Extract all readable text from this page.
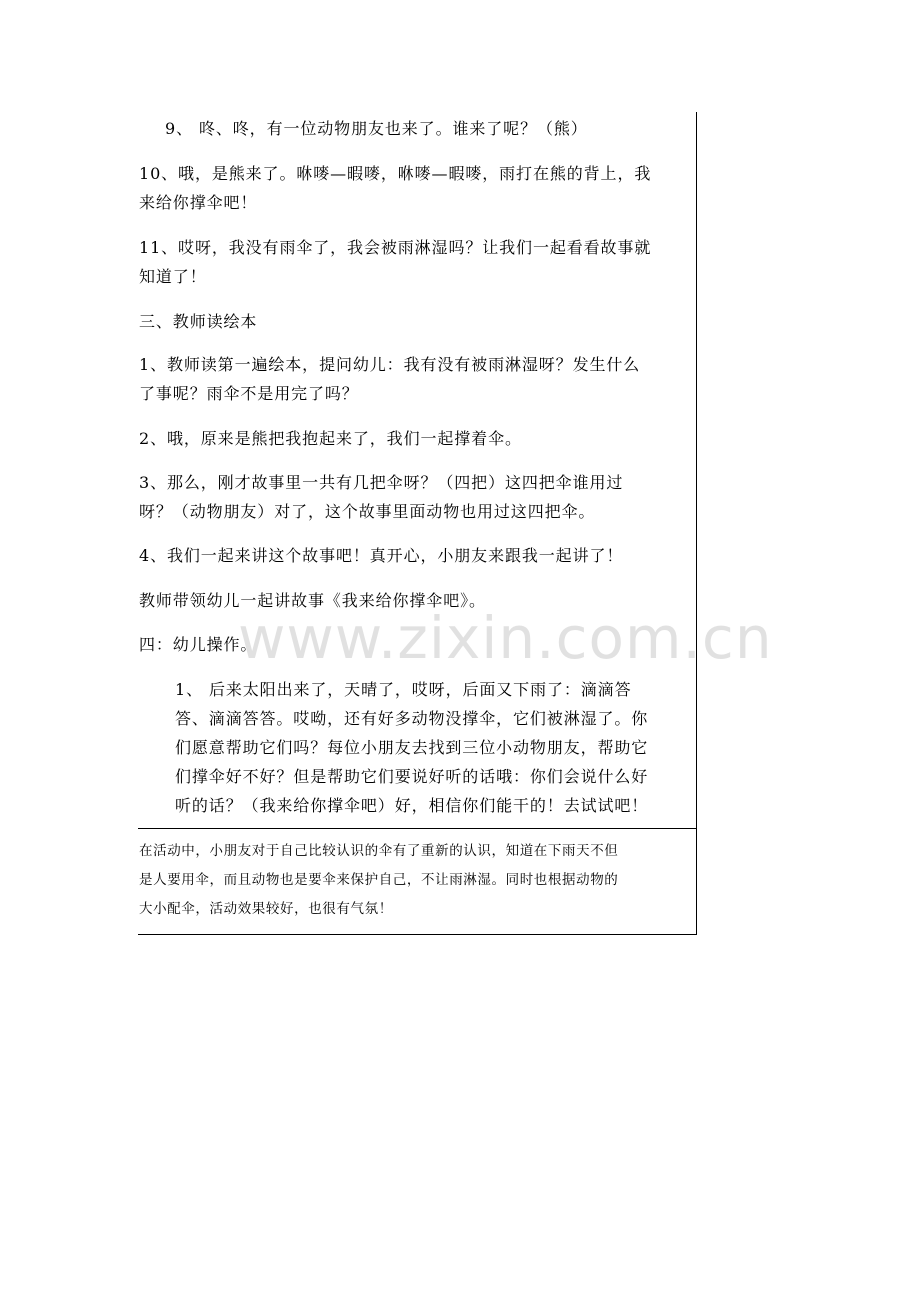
9、 咚、咚，有一位动物朋友也来了。谁来了呢？（熊）
10、哦，是熊来了。咻嘜—暇嘜，咻嘜—暇嘜，雨打在熊的背上，我
来给你撑伞吧！
11、哎呀，我没有雨伞了，我会被雨淋湿吗？让我们一起看看故事就
知道了！
三、教师读绘本
1、教师读第一遍绘本，提问幼儿：我有没有被雨淋湿呀？发生什么
了事呢？雨伞不是用完了吗？
2、哦，原来是熊把我抱起来了，我们一起撑着伞。
3、那么，刚才故事里一共有几把伞呀？（四把）这四把伞谁用过
呀？（动物朋友）对了，这个故事里面动物也用过这四把伞。
4、我们一起来讲这个故事吧！真开心，小朋友来跟我一起讲了！
教师带领幼儿一起讲故事《我来给你撑伞吧》。
四：幼儿操作。
1、 后来太阳出来了，天晴了，哎呀，后面又下雨了：滴滴答
答、滴滴答答。哎呦，还有好多动物没撑伞，它们被淋湿了。你
们愿意帮助它们吗？每位小朋友去找到三位小动物朋友，帮助它
们撑伞好不好？但是帮助它们要说好听的话哦：你们会说什么好
听的话？（我来给你撑伞吧）好，相信你们能干的！去试试吧！
在活动中，小朋友对于自己比较认识的伞有了重新的认识，知道在下雨天不但
是人要用伞，而且动物也是要伞来保护自己，不让雨淋湿。同时也根据动物的
大小配伞，活动效果较好，也很有气氛！
www.zixin.com.cn
